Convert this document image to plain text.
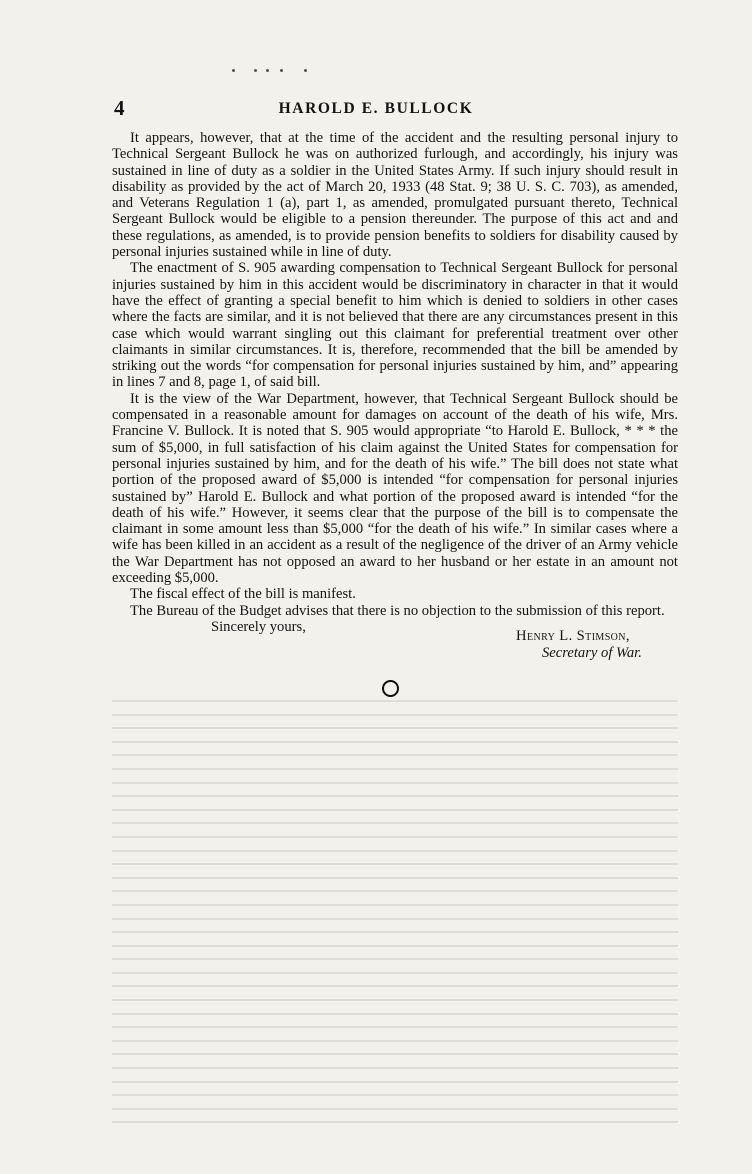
4	HAROLD E. BULLOCK

It appears, however, that at the time of the accident and the resulting personal injury to Technical Sergeant Bullock he was on authorized furlough, and accordingly, his injury was sustained in line of duty as a soldier in the United States Army. If such injury should result in disability as provided by the act of March 20, 1933 (48 Stat. 9; 38 U. S. C. 703), as amended, and Veterans Regulation 1 (a), part 1, as amended, promulgated pursuant thereto, Technical Sergeant Bullock would be eligible to a pension thereunder. The purpose of this act and and these regulations, as amended, is to provide pension benefits to soldiers for disability caused by personal injuries sustained while in line of duty.

The enactment of S. 905 awarding compensation to Technical Sergeant Bullock for personal injuries sustained by him in this accident would be discriminatory in character in that it would have the effect of granting a special benefit to him which is denied to soldiers in other cases where the facts are similar, and it is not believed that there are any circumstances present in this case which would warrant singling out this claimant for preferential treatment over other claimants in similar circumstances. It is, therefore, recommended that the bill be amended by striking out the words “for compensation for personal injuries sustained by him, and” appearing in lines 7 and 8, page 1, of said bill.

It is the view of the War Department, however, that Technical Sergeant Bullock should be compensated in a reasonable amount for damages on account of the death of his wife, Mrs. Francine V. Bullock. It is noted that S. 905 would appropriate “to Harold E. Bullock, * * * the sum of $5,000, in full satisfaction of his claim against the United States for compensation for personal injuries sustained by him, and for the death of his wife.” The bill does not state what portion of the proposed award of $5,000 is intended “for compensation for personal injuries sustained by” Harold E. Bullock and what portion of the proposed award is intended “for the death of his wife.” However, it seems clear that the purpose of the bill is to compensate the claimant in some amount less than $5,000 “for the death of his wife.” In similar cases where a wife has been killed in an accident as a result of the negligence of the driver of an Army vehicle the War Department has not opposed an award to her husband or her estate in an amount not exceeding $5,000.

The fiscal effect of the bill is manifest.

The Bureau of the Budget advises that there is no objection to the submission of this report.

Sincerely yours,

Henry L. Stimson,
Secretary of War.
